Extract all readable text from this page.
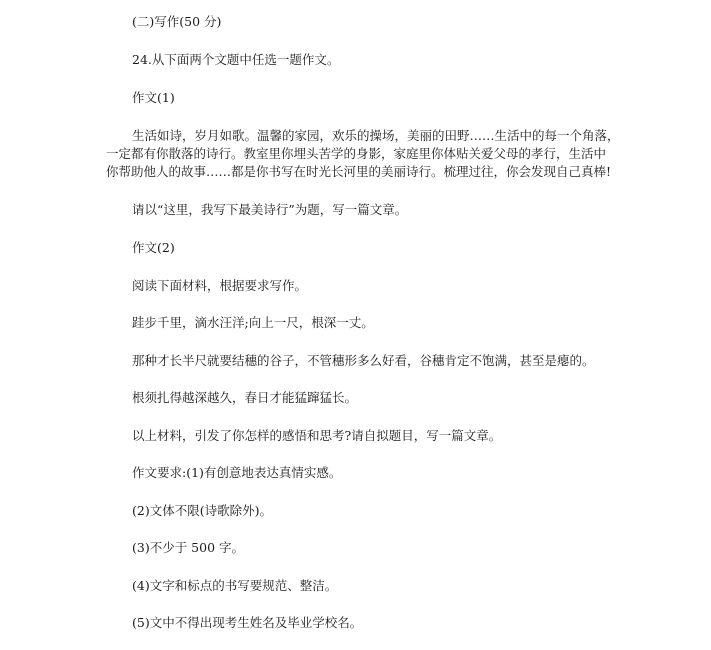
(二)写作(50 分)
24.从下面两个文题中任选一题作文。
作文(1)
生活如诗，岁月如歌。温馨的家园，欢乐的操场，美丽的田野……生活中的每一个角落，
一定都有你散落的诗行。教室里你埋头苦学的身影，家庭里你体贴关爱父母的孝行，生活中
你帮助他人的故事……都是你书写在时光长河里的美丽诗行。梳理过往，你会发现自己真棒!
请以“这里，我写下最美诗行”为题，写一篇文章。
作文(2)
阅读下面材料，根据要求写作。
跬步千里，滴水汪洋;向上一尺，根深一丈。
那种才长半尺就要结穗的谷子，不管穗形多么好看，谷穗肯定不饱满，甚至是瘪的。
根须扎得越深越久，春日才能猛蹿猛长。
以上材料，引发了你怎样的感悟和思考?请自拟题目，写一篇文章。
作文要求:(1)有创意地表达真情实感。
(2)文体不限(诗歌除外)。
(3)不少于 500 字。
(4)文字和标点的书写要规范、整洁。
(5)文中不得出现考生姓名及毕业学校名。
